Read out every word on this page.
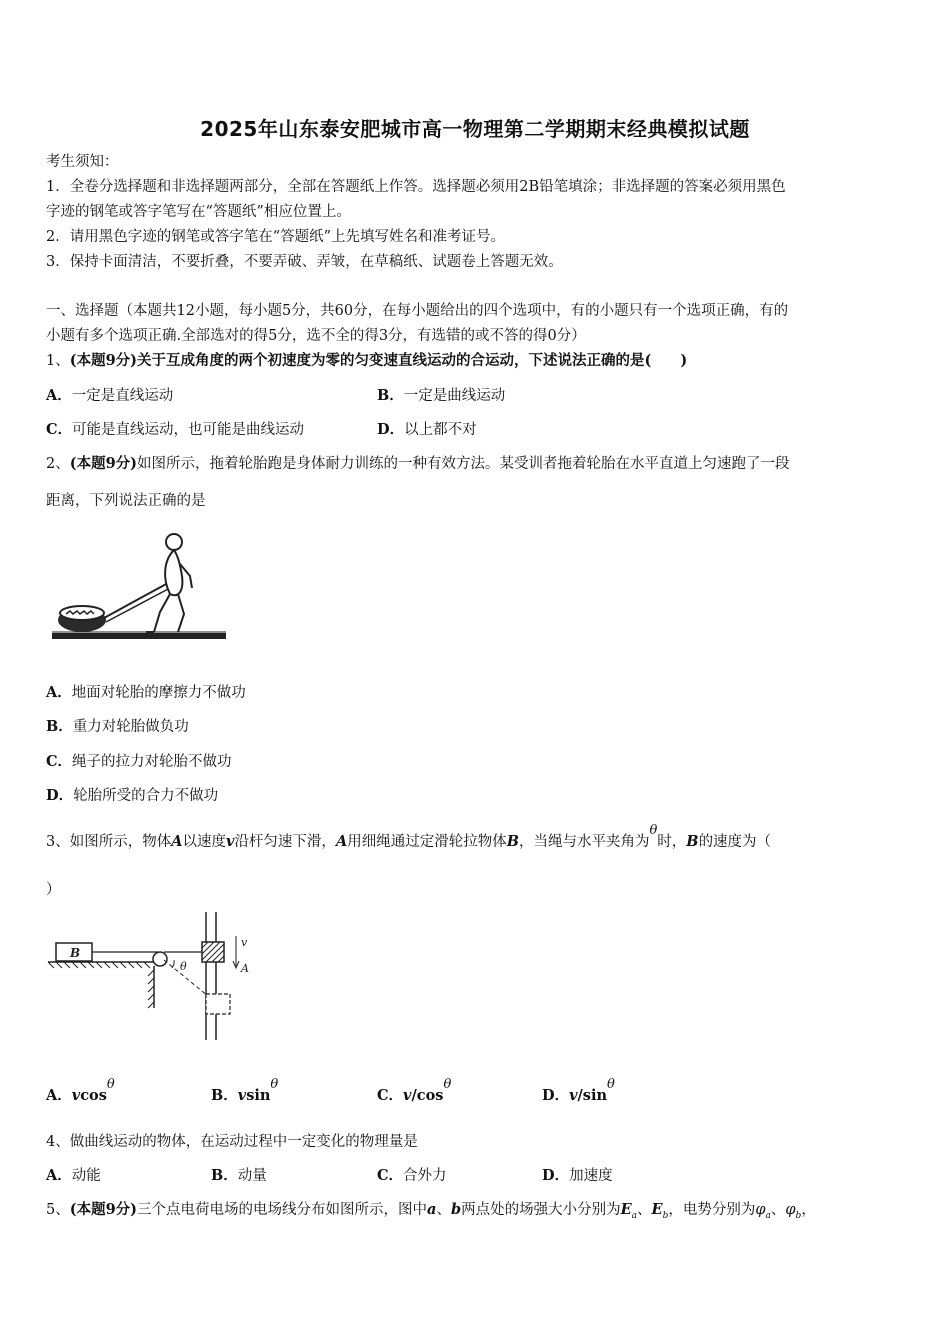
2025年山东泰安肥城市高一物理第二学期期末经典模拟试题
考生须知：
1．全卷分选择题和非选择题两部分，全部在答题纸上作答。选择题必须用2B铅笔填涂；非选择题的答案必须用黑色
字迹的钢笔或答字笔写在“答题纸”相应位置上。
2．请用黑色字迹的钢笔或答字笔在“答题纸”上先填写姓名和准考证号。
3．保持卡面清洁，不要折叠，不要弄破、弄皱，在草稿纸、试题卷上答题无效。
一、选择题（本题共12小题，每小题5分，共60分，在每小题给出的四个选项中，有的小题只有一个选项正确，有的
小题有多个选项正确.全部选对的得5分，选不全的得3分，有选错的或不答的得0分）
1、(本题9分)关于互成角度的两个初速度为零的匀变速直线运动的合运动，下述说法正确的是(　　)
A．一定是直线运动	B．一定是曲线运动
C．可能是直线运动，也可能是曲线运动	D．以上都不对
2、(本题9分)如图所示，拖着轮胎跑是身体耐力训练的一种有效方法。某受训者拖着轮胎在水平直道上匀速跑了一段
距离，下列说法正确的是
A．地面对轮胎的摩擦力不做功
B．重力对轮胎做负功
C．绳子的拉力对轮胎不做功
D．轮胎所受的合力不做功
3、如图所示，物体A以速度v沿杆匀速下滑，A用细绳通过定滑轮拉物体B，当绳与水平夹角为θ时，B的速度为（
）
B
θ
v
A
A．vcosθ
B．vsinθ
C．v/cosθ
D．v/sinθ
4、做曲线运动的物体，在运动过程中一定变化的物理量是
A．动能	B．动量	C．合外力	D．加速度
5、(本题9分)三个点电荷电场的电场线分布如图所示，图中a、b两点处的场强大小分别为$E_a$、$E_b$，电势分别为$\varphi_a$、$\varphi_b$，
